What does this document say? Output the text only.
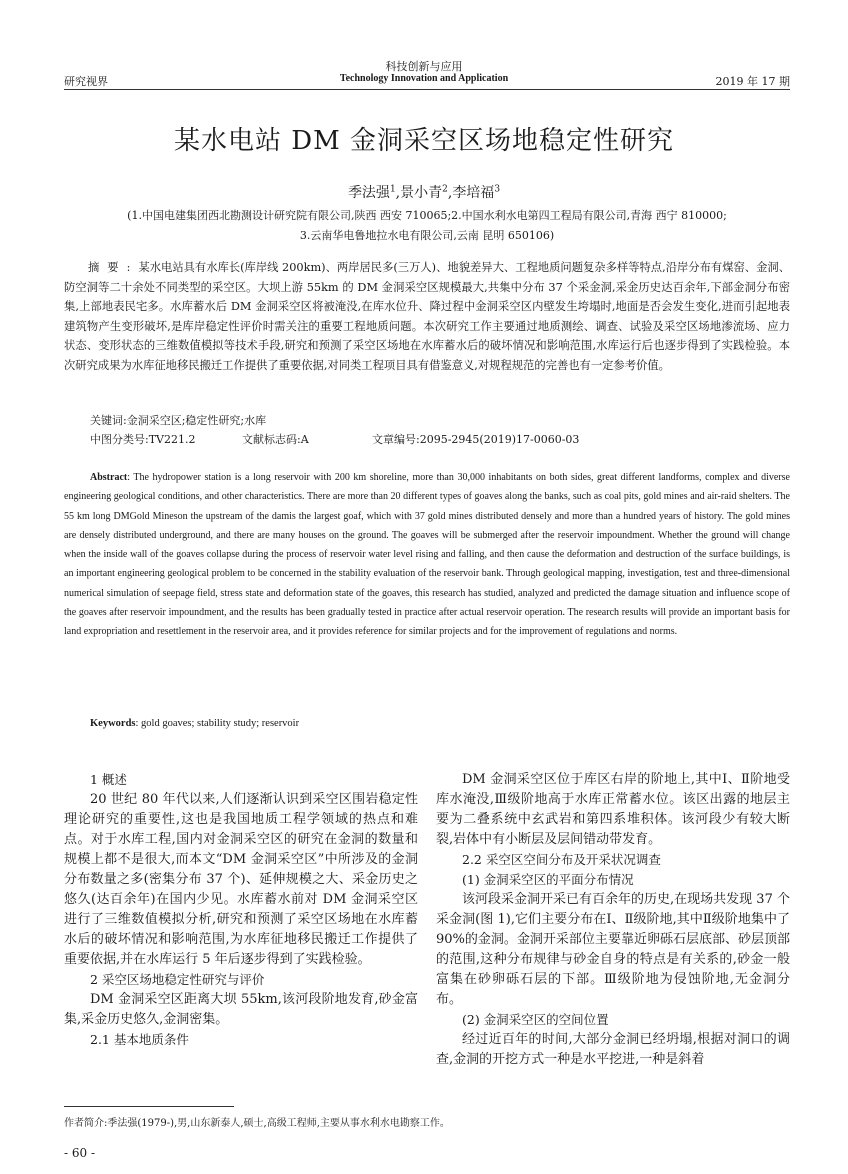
科技创新与应用
Technology Innovation and Application
研究视界	2019 年 17 期
某水电站 DM 金洞采空区场地稳定性研究
季法强$^1$,景小青$^2$,李培福$^3$
(1.中国电建集团西北勘测设计研究院有限公司,陕西 西安 710065;2.中国水利水电第四工程局有限公司,青海 西宁 810000;
3.云南华电鲁地拉水电有限公司,云南 昆明 650106)
摘要:某水电站具有水库长(库岸线 200km)、两岸居民多(三万人)、地貌差异大、工程地质问题复杂多样等特点,沿岸分布有煤窑、金洞、防空洞等二十余处不同类型的采空区。大坝上游 55km 的 DM 金洞采空区规模最大,共集中分布 37 个采金洞,采金历史达百余年,下部金洞分布密集,上部地表民宅多。水库蓄水后 DM 金洞采空区将被淹没,在库水位升、降过程中金洞采空区内壁发生垮塌时,地面是否会发生变化,进而引起地表建筑物产生变形破坏,是库岸稳定性评价时需关注的重要工程地质问题。本次研究工作主要通过地质测绘、调查、试验及采空区场地渗流场、应力状态、变形状态的三维数值模拟等技术手段,研究和预测了采空区场地在水库蓄水后的破坏情况和影响范围,水库运行后也逐步得到了实践检验。本次研究成果为水库征地移民搬迁工作提供了重要依据,对同类工程项目具有借鉴意义,对规程规范的完善也有一定参考价值。
关键词:金洞采空区;稳定性研究;水库
中图分类号:TV221.2	文献标志码:A	文章编号:2095-2945(2019)17-0060-03
Abstract: The hydropower station is a long reservoir with 200 km shoreline, more than 30,000 inhabitants on both sides, great different landforms, complex and diverse engineering geological conditions, and other characteristics. There are more than 20 different types of goaves along the banks, such as coal pits, gold mines and air-raid shelters. The 55 km long DMGold Mineson the upstream of the damis the largest goaf, which with 37 gold mines distributed densely and more than a hundred years of history. The gold mines are densely distributed underground, and there are many houses on the ground. The goaves will be submerged after the reservoir impoundment. Whether the ground will change when the inside wall of the goaves collapse during the process of reservoir water level rising and falling, and then cause the deformation and destruction of the surface buildings, is an important engineering geological problem to be concerned in the stability evaluation of the reservoir bank. Through geological mapping, investigation, test and three-dimensional numerical simulation of seepage field, stress state and deformation state of the goaves, this research has studied, analyzed and predicted the damage situation and influence scope of the goaves after reservoir impoundment, and the results has been gradually tested in practice after actual reservoir operation. The research results will provide an important basis for land expropriation and resettlement in the reservoir area, and it provides reference for similar projects and for the improvement of regulations and norms.
Keywords: gold goaves; stability study; reservoir
1 概述

20 世纪 80 年代以来,人们逐渐认识到采空区围岩稳定性理论研究的重要性,这也是我国地质工程学领域的热点和难点。对于水库工程,国内对金洞采空区的研究在金洞的数量和规模上都不是很大,而本文“DM 金洞采空区”中所涉及的金洞分布数量之多(密集分布 37 个)、延伸规模之大、采金历史之悠久(达百余年)在国内少见。水库蓄水前对 DM 金洞采空区进行了三维数值模拟分析,研究和预测了采空区场地在水库蓄水后的破坏情况和影响范围,为水库征地移民搬迁工作提供了重要依据,并在水库运行 5 年后逐步得到了实践检验。

2 采空区场地稳定性研究与评价

DM 金洞采空区距离大坝 55km,该河段阶地发育,砂金富集,采金历史悠久,金洞密集。

2.1 基本地质条件

DM 金洞采空区位于库区右岸的阶地上,其中Ⅰ、Ⅱ阶地受库水淹没,Ⅲ级阶地高于水库正常蓄水位。该区出露的地层主要为二叠系统中玄武岩和第四系堆积体。该河段少有较大断裂,岩体中有小断层及层间错动带发育。

2.2 采空区空间分布及开采状况调查
(1) 金洞采空区的平面分布情况

该河段采金洞开采已有百余年的历史,在现场共发现 37 个采金洞(图 1),它们主要分布在Ⅰ、Ⅱ级阶地,其中Ⅱ级阶地集中了 90%的金洞。金洞开采部位主要靠近卵砾石层底部、砂层顶部的范围,这种分布规律与砂金自身的特点是有关系的,砂金一般富集在砂卵砾石层的下部。Ⅲ级阶地为侵蚀阶地,无金洞分布。

(2) 金洞采空区的空间位置

经过近百年的时间,大部分金洞已经坍塌,根据对洞口的调查,金洞的开挖方式一种是水平挖进,一种是斜着

作者简介:季法强(1979-),男,山东新泰人,硕士,高级工程师,主要从事水利水电勘察工作。
- 60 -
